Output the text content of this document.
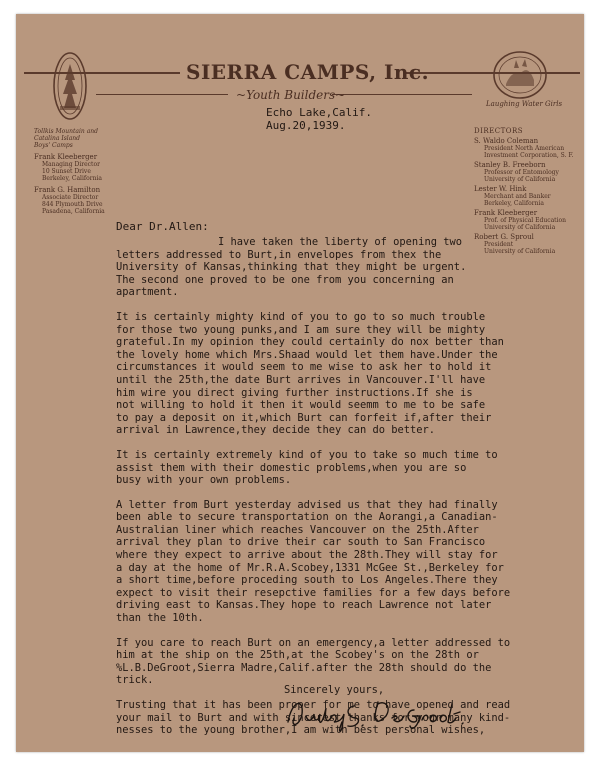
SIERRA CAMPS, Inc.
~Youth Builders~
Laughing Water Girls
Echo Lake,Calif.
Aug.20,1939.
Tollkis Mountain and
Catalina Island
Boys' Camps
Frank Kleeberger
Managing Director
10 Sunset Drive
Berkeley, California
Frank G. Hamilton
Associate Director
844 Plymouth Drive
Pasadena, California
DIRECTORS
S. Waldo Coleman
President North American
Investment Corporation, S. F.
Stanley B. Freeborn
Professor of Entomology
University of California
Lester W. Hink
Merchant and Banker
Berkeley, California
Frank Kleeberger
Prof. of Physical Education
University of California
Robert G. Sproul
President
University of California
Dear Dr.Allen:

I have taken the liberty of opening two
letters addressed to Burt,in envelopes from thex the
University of Kansas,thinking that they might be urgent.
The second one proved to be one from you concerning an
apartment.

It is certainly mighty kind of you to go to so much trouble
for those two young punks,and I am sure they will be mighty
grateful.In my opinion they could certainly do nox better than
the lovely home which Mrs.Shaad would let them have.Under the
circumstances it would seem to me wise to ask her to hold it
until the 25th,the date Burt arrives in Vancouver.I'll have
him wire you direct giving further instructions.If she is
not willing to hold it then it would seemm to me to be safe
to pay a deposit on it,which Burt can forfeit if,after their
arrival in Lawrence,they decide they can do better.

It is certainly extremely kind of you to take so much time to
assist them with their domestic problems,when you are so
busy with your own problems.

A letter from Burt yesterday advised us that they had finally
been able to secure transportation on the Aorangi,a Canadian-
Australian liner which reaches Vancouver on the 25th.After
arrival they plan to drive their car south to San Francisco
where they expect to arrive about the 28th.They will stay for
a day at the home of Mr.R.A.Scobey,1331 McGee St.,Berkeley for
a short time,before proceding south to Los Angeles.There they
expect to visit their resepctive families for a few days before
driving east to Kansas.They hope to reach Lawrence not later
than the 10th.

If you care to reach Burt on an emergency,a letter addressed to
him at the ship on the 25th,at the Scobey's on the 28th or
%L.B.DeGroot,Sierra Madre,Calif.after the 28th should do the
trick.

Trusting that it has been proper for me to have opened and read
your mail to Burt and with sincerest thanks for your many kind-
nesses to the young brother,I am with best personal wishes,

Sincerely yours,
